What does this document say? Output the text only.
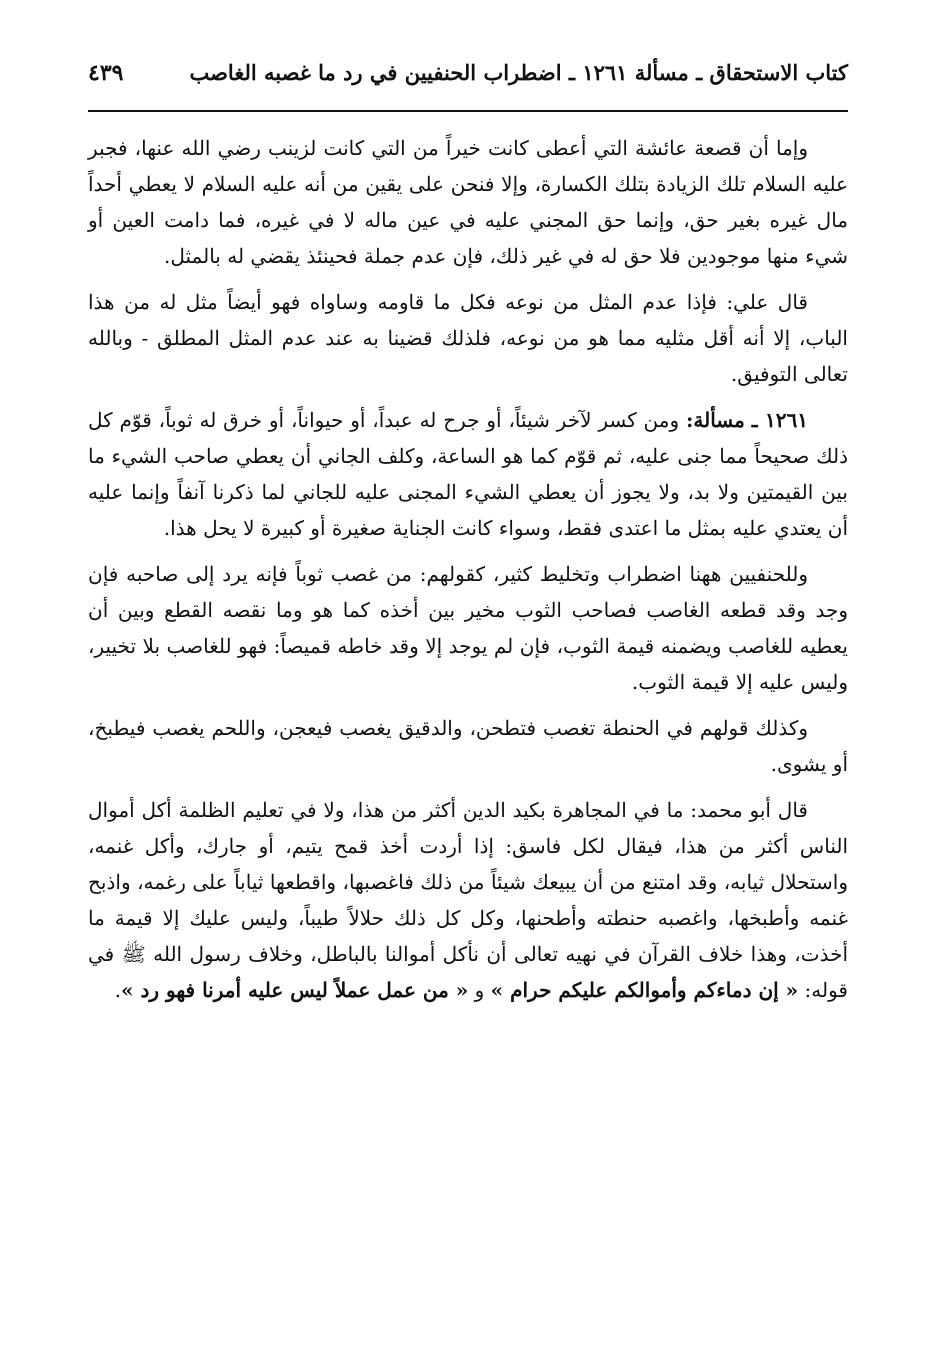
كتاب الاستحقاق ـ مسألة ١٢٦١ ـ اضطراب الحنفيين في رد ما غصبه الغاصب
٤٣٩

وإما أن قصعة عائشة التي أعطى كانت خيراً من التي كانت لزينب رضي الله عنها، فجبر عليه السلام تلك الزيادة بتلك الكسارة، وإلا فنحن على يقين من أنه عليه السلام لا يعطي أحداً مال غيره بغير حق، وإنما حق المجني عليه في عين ماله لا في غيره، فما دامت العين أو شيء منها موجودين فلا حق له في غير ذلك، فإن عدم جملة فحينئذ يقضي له بالمثل.

قال علي: فإذا عدم المثل من نوعه فكل ما قاومه وساواه فهو أيضاً مثل له من هذا الباب، إلا أنه أقل مثليه مما هو من نوعه، فلذلك قضينا به عند عدم المثل المطلق - وبالله تعالى التوفيق.

١٢٦١ ـ مسألة: ومن كسر لآخر شيئاً، أو جرح له عبداً، أو حيواناً، أو خرق له ثوباً، قوّم كل ذلك صحيحاً مما جنى عليه، ثم قوّم كما هو الساعة، وكلف الجاني أن يعطي صاحب الشيء ما بين القيمتين ولا بد، ولا يجوز أن يعطي الشيء المجنى عليه للجاني لما ذكرنا آنفاً وإنما عليه أن يعتدي عليه بمثل ما اعتدى فقط، وسواء كانت الجناية صغيرة أو كبيرة لا يحل هذا.

وللحنفيين ههنا اضطراب وتخليط كثير، كقولهم: من غصب ثوباً فإنه يرد إلى صاحبه فإن وجد وقد قطعه الغاصب فصاحب الثوب مخير بين أخذه كما هو وما نقصه القطع وبين أن يعطيه للغاصب ويضمنه قيمة الثوب، فإن لم يوجد إلا وقد خاطه قميصاً: فهو للغاصب بلا تخيير، وليس عليه إلا قيمة الثوب.

وكذلك قولهم في الحنطة تغصب فتطحن، والدقيق يغصب فيعجن، واللحم يغصب فيطبخ، أو يشوى.

قال أبو محمد: ما في المجاهرة بكيد الدين أكثر من هذا، ولا في تعليم الظلمة أكل أموال الناس أكثر من هذا، فيقال لكل فاسق: إذا أردت أخذ قمح يتيم، أو جارك، وأكل غنمه، واستحلال ثيابه، وقد امتنع من أن يبيعك شيئاً من ذلك فاغصبها، واقطعها ثياباً على رغمه، واذبح غنمه وأطبخها، واغصبه حنطته وأطحنها، وكل كل ذلك حلالاً طيباً، وليس عليك إلا قيمة ما أخذت، وهذا خلاف القرآن في نهيه تعالى أن نأكل أموالنا بالباطل، وخلاف رسول الله ﷺ في قوله: « إن دماءكم وأموالكم عليكم حرام » و « من عمل عملاً ليس عليه أمرنا فهو رد ».
